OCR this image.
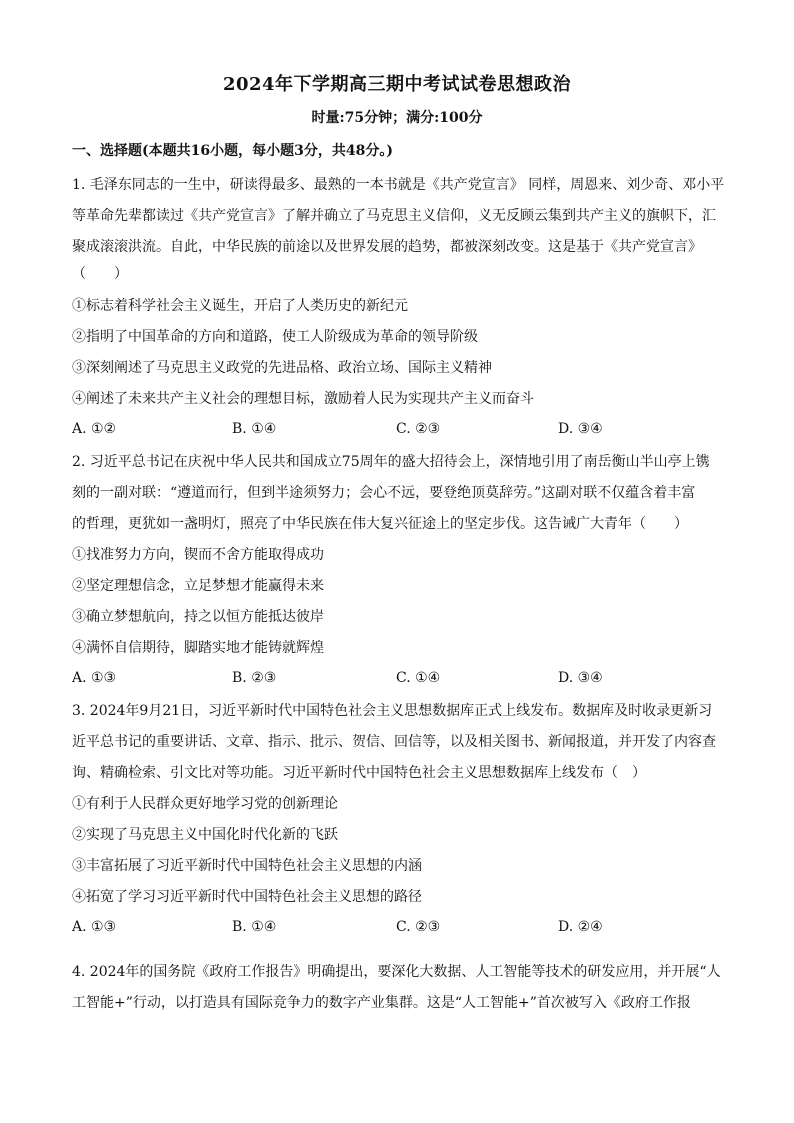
2024年下学期高三期中考试试卷思想政治
时量:75分钟；满分:100分
一、选择题(本题共16小题，每小题3分，共48分。)
1. 毛泽东同志的一生中，研读得最多、最熟的一本书就是《共产党宣言》 同样，周恩来、刘少奇、邓小平
等革命先辈都读过《共产党宣言》了解并确立了马克思主义信仰，义无反顾云集到共产主义的旗帜下，汇
聚成滚滚洪流。自此，中华民族的前途以及世界发展的趋势，都被深刻改变。这是基于《共产党宣言》
（　　）
①标志着科学社会主义诞生，开启了人类历史的新纪元
②指明了中国革命的方向和道路，使工人阶级成为革命的领导阶级
③深刻阐述了马克思主义政党的先进品格、政治立场、国际主义精神
④阐述了未来共产主义社会的理想目标，激励着人民为实现共产主义而奋斗
A. ①②	B. ①④	C. ②③	D. ③④
2. 习近平总书记在庆祝中华人民共和国成立75周年的盛大招待会上，深情地引用了南岳衡山半山亭上镌
刻的一副对联：“遵道而行，但到半途须努力；会心不远，要登绝顶莫辞劳。”这副对联不仅蕴含着丰富
的哲理，更犹如一盏明灯，照亮了中华民族在伟大复兴征途上的坚定步伐。这告诫广大青年（　　）
①找准努力方向，锲而不舍方能取得成功
②坚定理想信念，立足梦想才能赢得未来
③确立梦想航向，持之以恒方能抵达彼岸
④满怀自信期待，脚踏实地才能铸就辉煌
A. ①③	B. ②③	C. ①④	D. ③④
3. 2024年9月21日，习近平新时代中国特色社会主义思想数据库正式上线发布。数据库及时收录更新习
近平总书记的重要讲话、文章、指示、批示、贺信、回信等，以及相关图书、新闻报道，并开发了内容查
询、精确检索、引文比对等功能。习近平新时代中国特色社会主义思想数据库上线发布（　）
①有利于人民群众更好地学习党的创新理论
②实现了马克思主义中国化时代化新的飞跃
③丰富拓展了习近平新时代中国特色社会主义思想的内涵
④拓宽了学习习近平新时代中国特色社会主义思想的路径
A. ①③	B. ①④	C. ②③	D. ②④
4. 2024年的国务院《政府工作报告》明确提出，要深化大数据、人工智能等技术的研发应用，并开展“人
工智能+”行动，以打造具有国际竞争力的数字产业集群。这是“人工智能+”首次被写入《政府工作报
